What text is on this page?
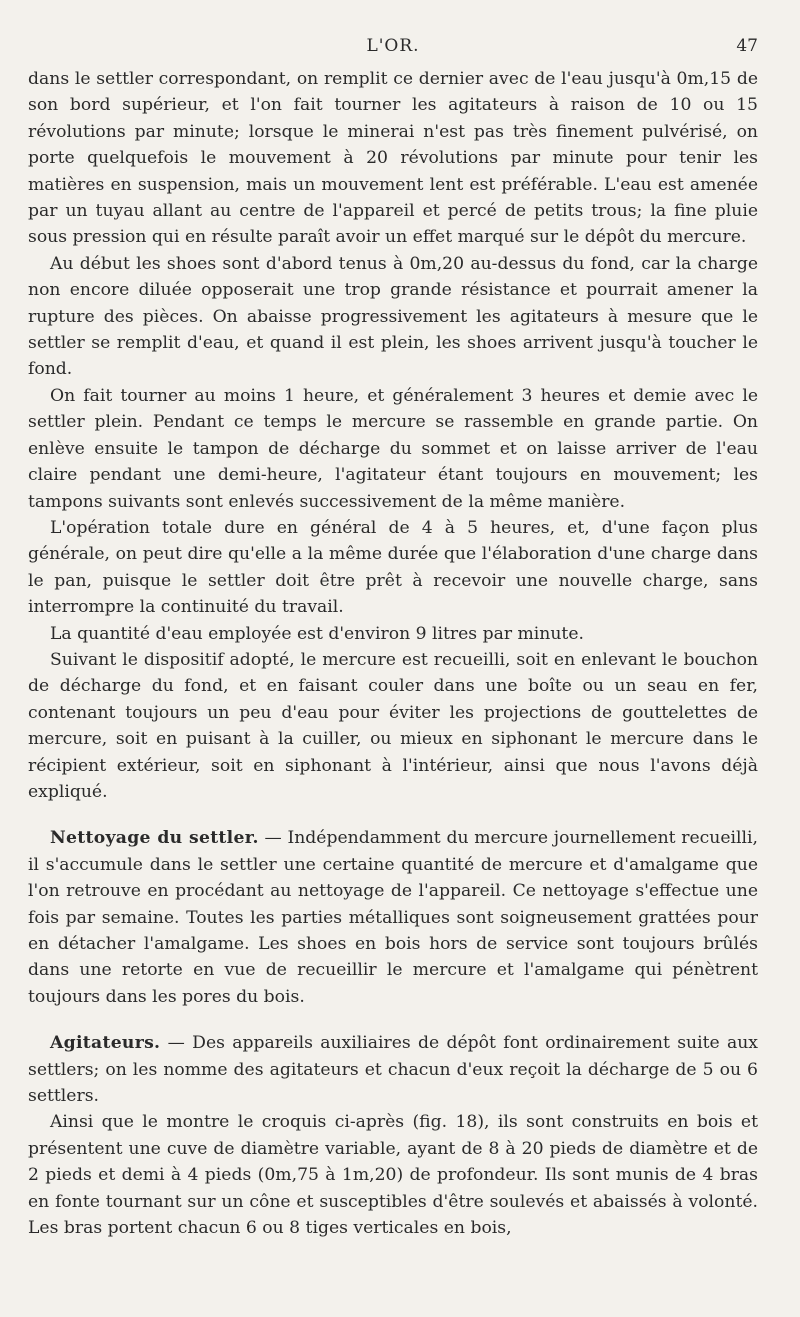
L'OR.	47

dans le settler correspondant, on remplit ce dernier avec de l'eau jusqu'à 0m,15 de son bord supérieur, et l'on fait tourner les agitateurs à raison de 10 ou 15 révolutions par minute; lorsque le minerai n'est pas très finement pulvérisé, on porte quelquefois le mouvement à 20 révolutions par minute pour tenir les matières en suspension, mais un mouvement lent est préférable. L'eau est amenée par un tuyau allant au centre de l'appareil et percé de petits trous; la fine pluie sous pression qui en résulte paraît avoir un effet marqué sur le dépôt du mercure.

Au début les shoes sont d'abord tenus à 0m,20 au-dessus du fond, car la charge non encore diluée opposerait une trop grande résistance et pourrait amener la rupture des pièces. On abaisse progressivement les agitateurs à mesure que le settler se remplit d'eau, et quand il est plein, les shoes arrivent jusqu'à toucher le fond.

On fait tourner au moins 1 heure, et généralement 3 heures et demie avec le settler plein. Pendant ce temps le mercure se rassemble en grande partie. On enlève ensuite le tampon de décharge du sommet et on laisse arriver de l'eau claire pendant une demi-heure, l'agitateur étant toujours en mouvement; les tampons suivants sont enlevés successivement de la même manière.

L'opération totale dure en général de 4 à 5 heures, et, d'une façon plus générale, on peut dire qu'elle a la même durée que l'élaboration d'une charge dans le pan, puisque le settler doit être prêt à recevoir une nouvelle charge, sans interrompre la continuité du travail.

La quantité d'eau employée est d'environ 9 litres par minute.

Suivant le dispositif adopté, le mercure est recueilli, soit en enlevant le bouchon de décharge du fond, et en faisant couler dans une boîte ou un seau en fer, contenant toujours un peu d'eau pour éviter les projections de gouttelettes de mercure, soit en puisant à la cuiller, ou mieux en siphonant le mercure dans le récipient extérieur, soit en siphonant à l'intérieur, ainsi que nous l'avons déjà expliqué.

Nettoyage du settler. — Indépendamment du mercure journellement recueilli, il s'accumule dans le settler une certaine quantité de mercure et d'amalgame que l'on retrouve en procédant au nettoyage de l'appareil. Ce nettoyage s'effectue une fois par semaine. Toutes les parties métalliques sont soigneusement grattées pour en détacher l'amalgame. Les shoes en bois hors de service sont toujours brûlés dans une retorte en vue de recueillir le mercure et l'amalgame qui pénètrent toujours dans les pores du bois.

Agitateurs. — Des appareils auxiliaires de dépôt font ordinairement suite aux settlers; on les nomme des agitateurs et chacun d'eux reçoit la décharge de 5 ou 6 settlers.

Ainsi que le montre le croquis ci-après (fig. 18), ils sont construits en bois et présentent une cuve de diamètre variable, ayant de 8 à 20 pieds de diamètre et de 2 pieds et demi à 4 pieds (0m,75 à 1m,20) de profondeur. Ils sont munis de 4 bras en fonte tournant sur un cône et susceptibles d'être soulevés et abaissés à volonté. Les bras portent chacun 6 ou 8 tiges verticales en bois,
